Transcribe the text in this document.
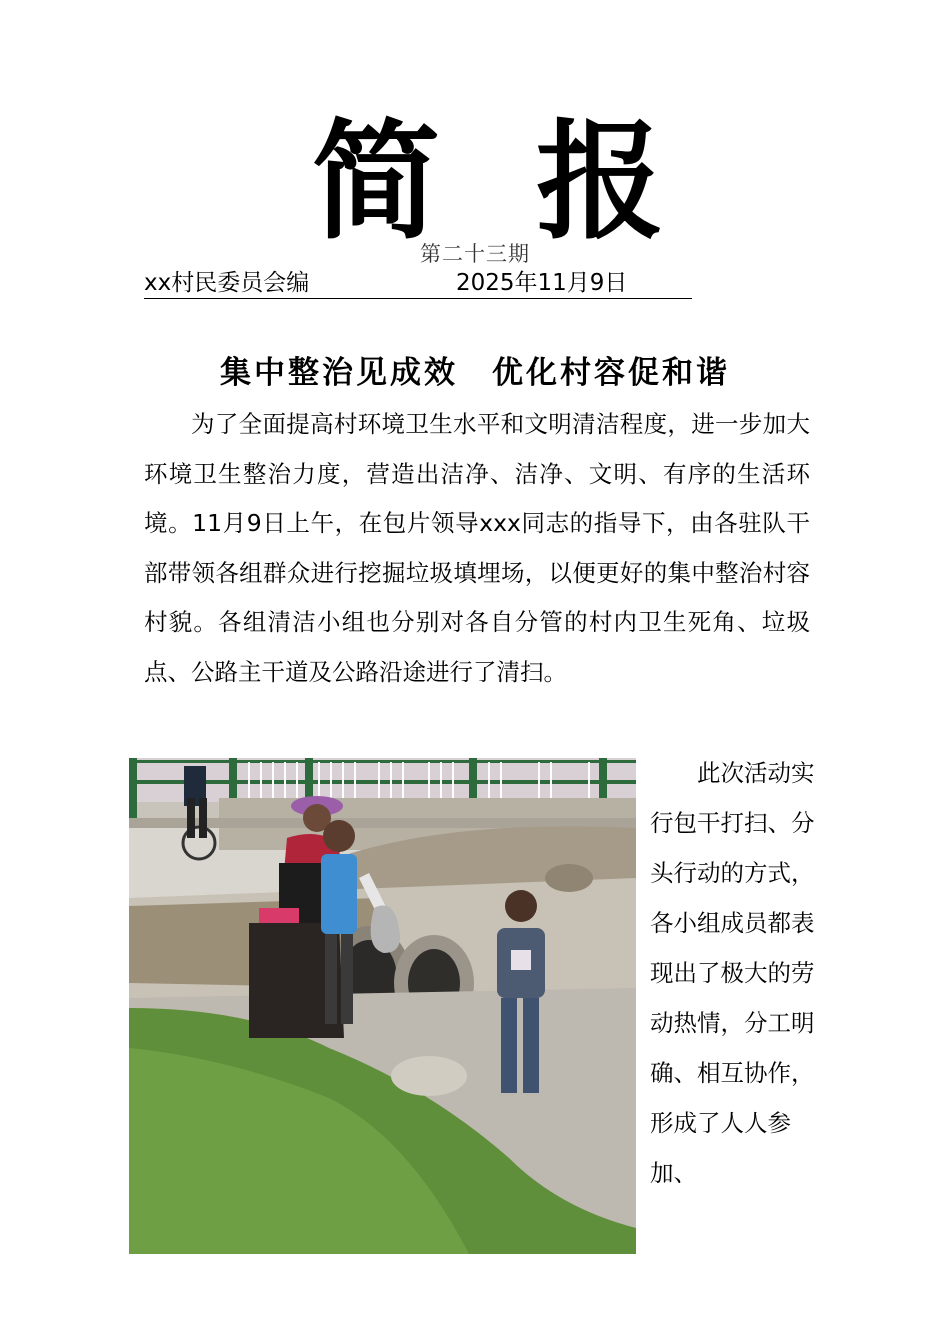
简 报
第二十三期
xx村民委员会编	2025年11月9日
集中整治见成效　优化村容促和谐

为了全面提高村环境卫生水平和文明清洁程度，进一步加大环境卫生整治力度，营造出洁净、洁净、文明、有序的生活环境。11月9日上午，在包片领导xxx同志的指导下，由各驻队干部带领各组群众进行挖掘垃圾填埋场，以便更好的集中整治村容村貌。各组清洁小组也分别对各自分管的村内卫生死角、垃圾点、公路主干道及公路沿途进行了清扫。

此次活动实行包干打扫、分头行动的方式，各小组成员都表现出了极大的劳动热情，分工明确、相互协作，形成了人人参加、
